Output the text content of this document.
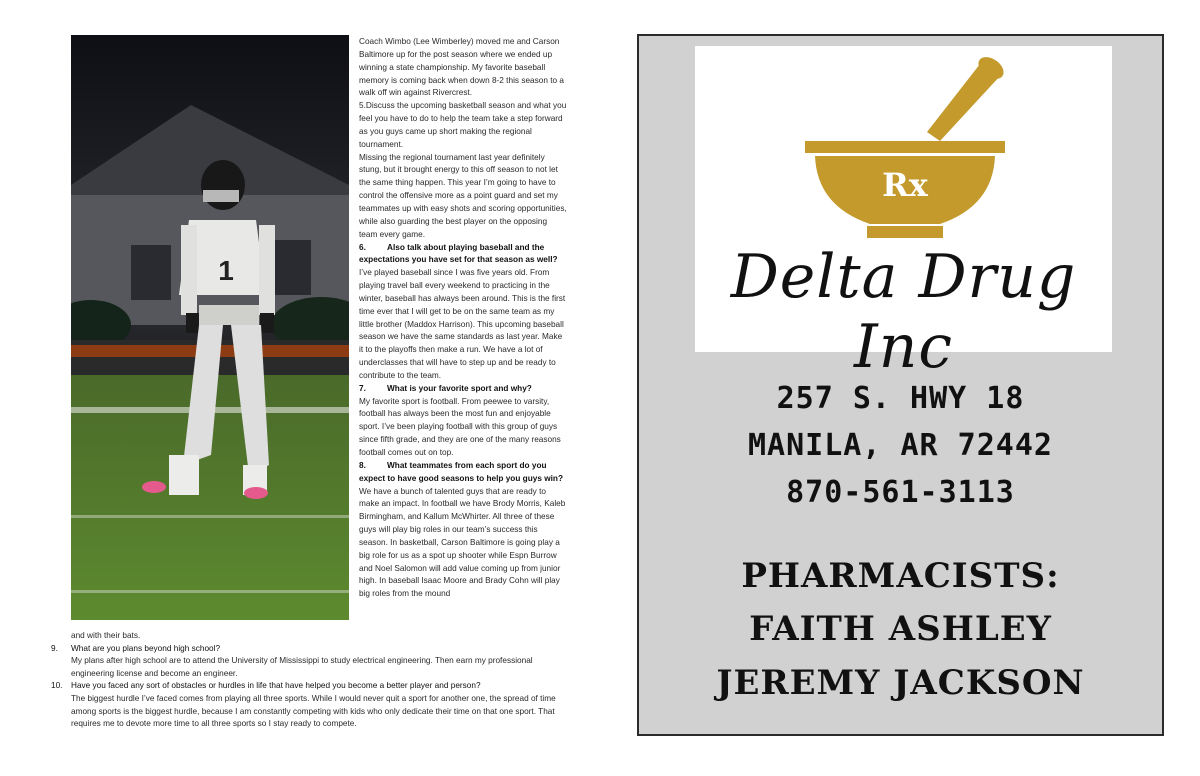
1

Coach Wimbo (Lee Wimberley) moved me and Carson Baltimore up for the post season where we ended up winning a state championship. My favorite baseball memory is coming back when down 8-2 this season to a walk off win against Rivercrest.

5.Discuss the upcoming basketball season and what you feel you have to do to help the team take a step forward as you guys came up short making the regional tournament.

Missing the regional tournament last year definitely stung, but it brought energy to this off season to not let the same thing happen. This year I’m going to have to control the offensive more as a point guard and set my teammates up with easy shots and scoring opportunities, while also guarding the best player on the opposing team every game.

6.	Also talk about playing baseball and the expectations you have set for that season as well?

I’ve played baseball since I was five years old. From playing travel ball every weekend to practicing in the winter, baseball has always been around. This is the first time ever that I will get to be on the same team as my little brother (Maddox Harrison). This upcoming baseball season we have the same standards as last year. Make it to the playoffs then make a run. We have a lot of underclasses that will have to step up and be ready to contribute to the team.

7.	What is your favorite sport and why?

My favorite sport is football. From peewee to varsity, football has always been the most fun and enjoyable sport. I’ve been playing football with this group of guys since fifth grade, and they are one of the many reasons football comes out on top.

8.	What teammates from each sport do you expect to have good seasons to help you guys win?

We have a bunch of talented guys that are ready to make an impact. In football we have Brody Morris, Kaleb Birmingham, and Kallum McWhirter. All three of these guys will play big roles in our team’s success this season. In basketball, Carson Baltimore is going play a big role for us as a spot up shooter while Espn Burrow and Noel Salomon will add value coming up from junior high. In baseball Isaac Moore and Brady Cohn will play big roles from the mound

and with their bats.

9. What are you plans beyond high school?

My plans after high school are to attend the University of Mississippi to study electrical engineering. Then earn my professional engineering license and become an engineer.

10. Have you faced any sort of obstacles or hurdles in life that have helped you become a better player and person?

The biggest hurdle I’ve faced comes from playing all three sports. While I would never quit a sport for another one, the spread of time among sports is the biggest hurdle, because I am constantly competing with kids who only dedicate their time on that one sport. That requires me to devote more time to all three sports so I stay ready to compete.

Rx
Delta Drug Inc
257 S. HWY 18
MANILA, AR 72442
870-561-3113
PHARMACISTS:
FAITH ASHLEY
JEREMY JACKSON
